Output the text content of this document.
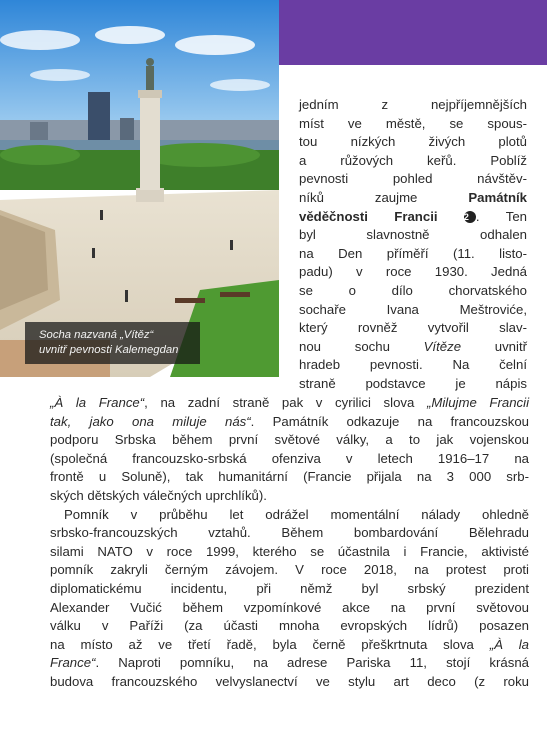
Socha nazvaná „Vítěz“
uvnitř pevnosti Kalemegdan
jedním z nejpříjemnějších
míst ve městě, se spous-
tou nízkých živých plotů
a růžových keřů. Poblíž
pevnosti pohled návštěv-
níků zaujme	Památník
věděčnosti Francii	2 . Ten
byl slavnostně odhalen
na Den příměří (11. listo-
padu) v roce 1930. Jedná
se o dílo chorvatského
sochaře Ivana Meštroviće,
který rovněž vytvořil slav-
nou sochu	Vítěze	uvnitř
hradeb pevnosti. Na čelní
straně podstavce je nápis
„À la France“, na zadní straně pak v cyrilici slova „Milujme Francii
tak, jako ona miluje nás“. Památník odkazuje na francouzskou
podporu Srbska během první světové války, a to jak vojenskou
(společná francouzsko-srbská ofenziva v letech 1916–17 na
frontě u Soluně), tak humanitární (Francie přijala na 3 000 srb-
ských dětských válečných uprchlíků).
Pomník v průběhu let odrážel momentální nálady ohledně
srbsko-francouzských vztahů. Během bombardování Bělehradu
silami NATO v roce 1999, kterého se účastnila i Francie, aktivisté
pomník zakryli černým závojem. V roce 2018, na protest proti
diplomatickému incidentu, při němž byl srbský prezident
Alexander Vučić během vzpomínkové akce na první světovou
válku v Paříži (za účasti mnoha evropských lídrů) posazen
na místo až ve třetí řadě, byla černě přeškrtnuta slova „À la
France“. Naproti pomníku, na adrese Pariska 11, stojí krásná
budova francouzského velvyslanectví ve stylu art deco (z roku
